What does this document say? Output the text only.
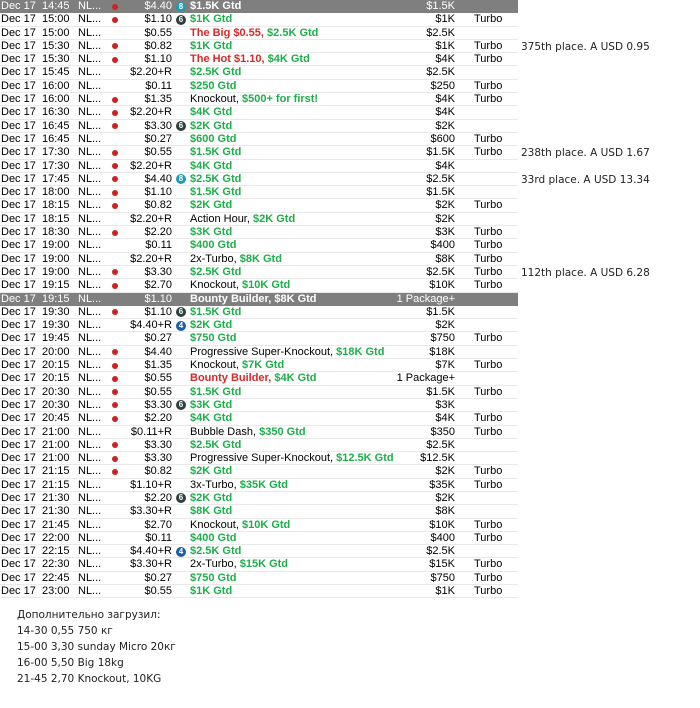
Dec 17 14:45 NL...	$4.40 8 $1.5K Gtd	$1.5K
Dec 17 15:00 NL...	$1.10 6 $1K Gtd	$1K Turbo
Dec 17 15:00 NL...	$0.55 The Big $0.55, $2.5K Gtd	$2.5K
Dec 17 15:30 NL...	$0.82 $1K Gtd	$1K Turbo
Dec 17 15:30 NL...	$1.10 The Hot $1.10, $4K Gtd	$4K Turbo
Dec 17 15:45 NL...	$2.20+R $2.5K Gtd	$2.5K
Dec 17 16:00 NL...	$0.11 $250 Gtd	$250 Turbo
Dec 17 16:00 NL...	$1.35 Knockout, $500+ for first!	$4K Turbo
Dec 17 16:30 NL...	$2.20+R $4K Gtd	$4K
Dec 17 16:45 NL...	$3.30 6 $2K Gtd	$2K
Dec 17 16:45 NL...	$0.27 $600 Gtd	$600 Turbo
Dec 17 17:30 NL...	$0.55 $1.5K Gtd	$1.5K Turbo
Dec 17 17:30 NL...	$2.20+R $4K Gtd	$4K
Dec 17 17:45 NL...	$4.40 8 $2.5K Gtd	$2.5K
Dec 17 18:00 NL...	$1.10 $1.5K Gtd	$1.5K
Dec 17 18:15 NL...	$0.82 $2K Gtd	$2K Turbo
Dec 17 18:15 NL...	$2.20+R Action Hour, $2K Gtd	$2K
Dec 17 18:30 NL...	$2.20 $3K Gtd	$3K Turbo
Dec 17 19:00 NL...	$0.11 $400 Gtd	$400 Turbo
Dec 17 19:00 NL...	$2.20+R 2x-Turbo, $8K Gtd	$8K Turbo
Dec 17 19:00 NL...	$3.30 $2.5K Gtd	$2.5K Turbo
Dec 17 19:15 NL...	$2.70 Knockout, $10K Gtd	$10K Turbo
Dec 17 19:15 NL...	$1.10 Bounty Builder, $8K Gtd	1 Package+
Dec 17 19:30 NL...	$1.10 6 $1.5K Gtd	$1.5K
Dec 17 19:30 NL...	$4.40+R 4 $2K Gtd	$2K
Dec 17 19:45 NL...	$0.27 $750 Gtd	$750 Turbo
Dec 17 20:00 NL...	$4.40 Progressive Super-Knockout, $18K Gtd	$18K
Dec 17 20:15 NL...	$1.35 Knockout, $7K Gtd	$7K Turbo
Dec 17 20:15 NL...	$0.55 Bounty Builder, $4K Gtd	1 Package+
Dec 17 20:30 NL...	$0.55 $1.5K Gtd	$1.5K Turbo
Dec 17 20:30 NL...	$3.30 6 $3K Gtd	$3K
Dec 17 20:45 NL...	$2.20 $4K Gtd	$4K Turbo
Dec 17 21:00 NL...	$0.11+R Bubble Dash, $350 Gtd	$350 Turbo
Dec 17 21:00 NL...	$3.30 $2.5K Gtd	$2.5K
Dec 17 21:00 NL...	$3.30 Progressive Super-Knockout, $12.5K Gtd	$12.5K
Dec 17 21:15 NL...	$0.82 $2K Gtd	$2K Turbo
Dec 17 21:15 NL...	$1.10+R 3x-Turbo, $35K Gtd	$35K Turbo
Dec 17 21:30 NL...	$2.20 6 $2K Gtd	$2K
Dec 17 21:30 NL...	$3.30+R $8K Gtd	$8K
Dec 17 21:45 NL...	$2.70 Knockout, $10K Gtd	$10K Turbo
Dec 17 22:00 NL...	$0.11 $400 Gtd	$400 Turbo
Dec 17 22:15 NL...	$4.40+R 4 $2.5K Gtd	$2.5K
Dec 17 22:30 NL...	$3.30+R 2x-Turbo, $15K Gtd	$15K Turbo
Dec 17 22:45 NL...	$0.27 $750 Gtd	$750 Turbo
Dec 17 23:00 NL...	$0.55 $1K Gtd	$1K Turbo
375th place. A USD 0.95
238th place. A USD 1.67
33rd place. A USD 13.34
112th place. A USD 6.28
Дополнительно загрузил:
14-30 0,55 750 кг
15-00 3,30 sunday Micro 20кг
16-00 5,50 Big 18kg
21-45 2,70 Knockout, 10KG
